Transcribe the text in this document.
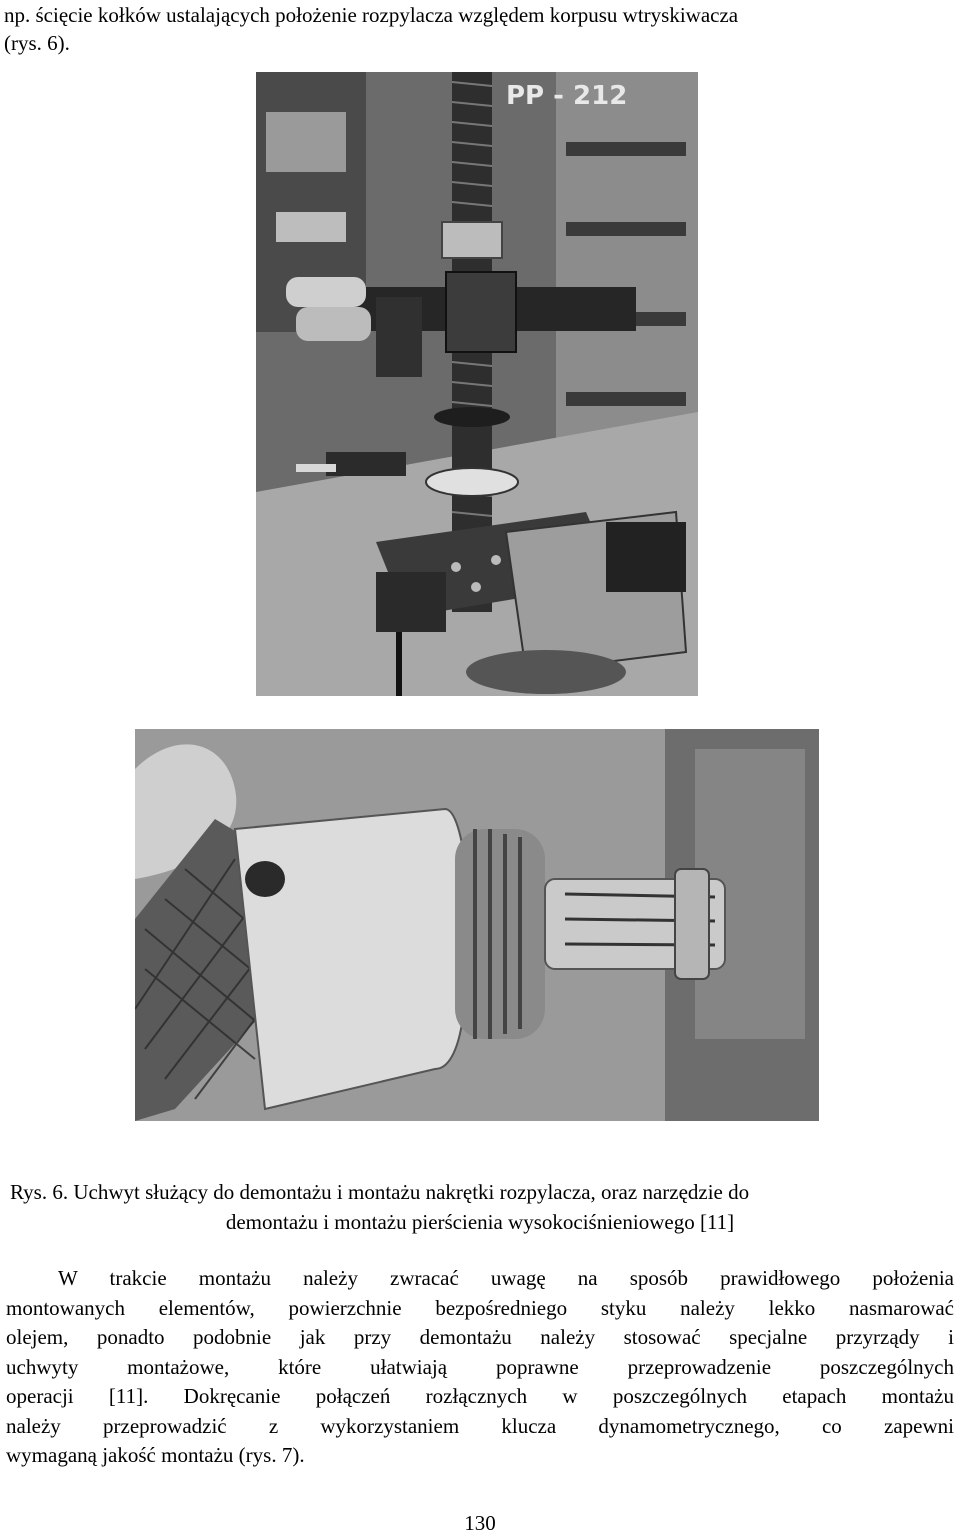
np. ścięcie kołków ustalających położenie rozpylacza względem korpusu wtryskiwacza
(rys. 6).
PP - 212
Rys. 6. Uchwyt służący do demontażu i montażu nakrętki rozpylacza, oraz narzędzie do
demontażu i montażu pierścienia wysokociśnieniowego [11]
W trakcie montażu należy zwracać uwagę na sposób prawidłowego położenia
montowanych elementów, powierzchnie bezpośredniego styku należy lekko nasmarować
olejem, ponadto podobnie jak przy demontażu należy stosować specjalne przyrządy i
uchwyty montażowe, które ułatwiają poprawne przeprowadzenie poszczególnych
operacji [11]. Dokręcanie połączeń rozłącznych w poszczególnych etapach montażu
należy przeprowadzić z wykorzystaniem klucza dynamometrycznego, co zapewni
wymaganą jakość montażu (rys. 7).
130
